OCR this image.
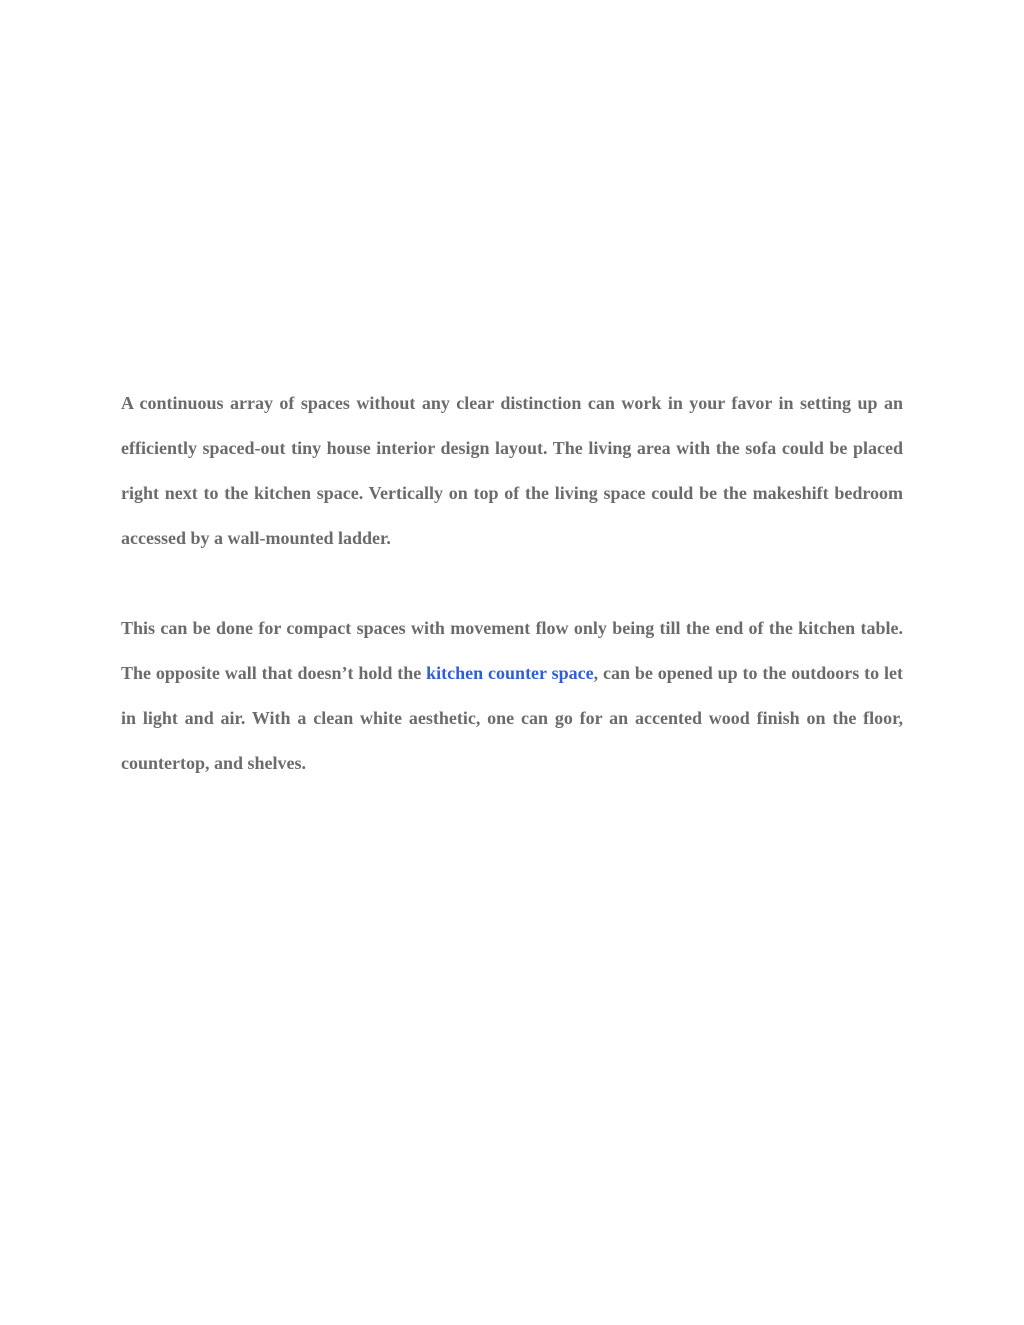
A continuous array of spaces without any clear distinction can work in your favor in setting up an efficiently spaced-out tiny house interior design layout. The living area with the sofa could be placed right next to the kitchen space. Vertically on top of the living space could be the makeshift bedroom accessed by a wall-mounted ladder.

This can be done for compact spaces with movement flow only being till the end of the kitchen table. The opposite wall that doesn’t hold the kitchen counter space, can be opened up to the outdoors to let in light and air. With a clean white aesthetic, one can go for an accented wood finish on the floor, countertop, and shelves.
